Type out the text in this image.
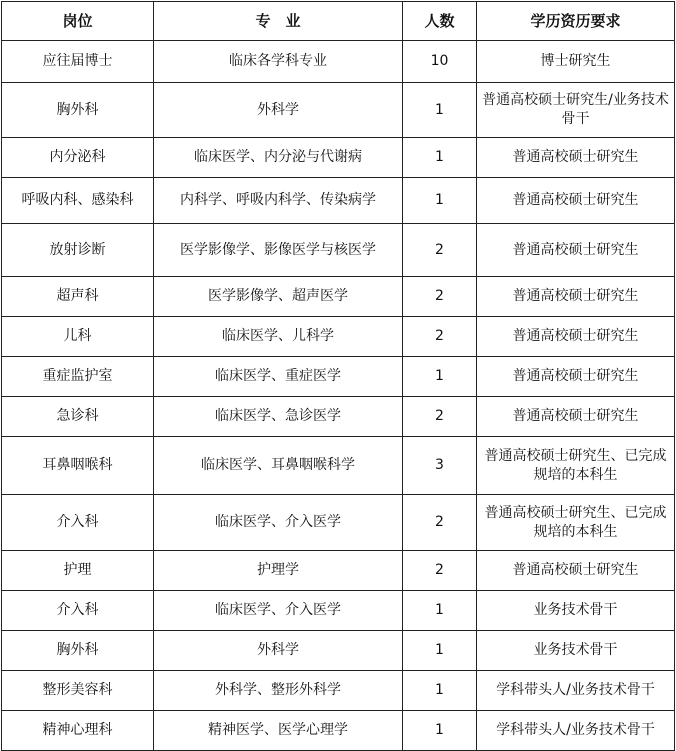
岗位	专　业	人数	学历资历要求
应往届博士	临床各学科专业	10	博士研究生
胸外科	外科学	1	普通高校硕士研究生/业务技术骨干
内分泌科	临床医学、内分泌与代谢病	1	普通高校硕士研究生
呼吸内科、感染科	内科学、呼吸内科学、传染病学	1	普通高校硕士研究生
放射诊断	医学影像学、影像医学与核医学	2	普通高校硕士研究生
超声科	医学影像学、超声医学	2	普通高校硕士研究生
儿科	临床医学、儿科学	2	普通高校硕士研究生
重症监护室	临床医学、重症医学	1	普通高校硕士研究生
急诊科	临床医学、急诊医学	2	普通高校硕士研究生
耳鼻咽喉科	临床医学、耳鼻咽喉科学	3	普通高校硕士研究生、已完成规培的本科生
介入科	临床医学、介入医学	2	普通高校硕士研究生、已完成规培的本科生
护理	护理学	2	普通高校硕士研究生
介入科	临床医学、介入医学	1	业务技术骨干
胸外科	外科学	1	业务技术骨干
整形美容科	外科学、整形外科学	1	学科带头人/业务技术骨干
精神心理科	精神医学、医学心理学	1	学科带头人/业务技术骨干
